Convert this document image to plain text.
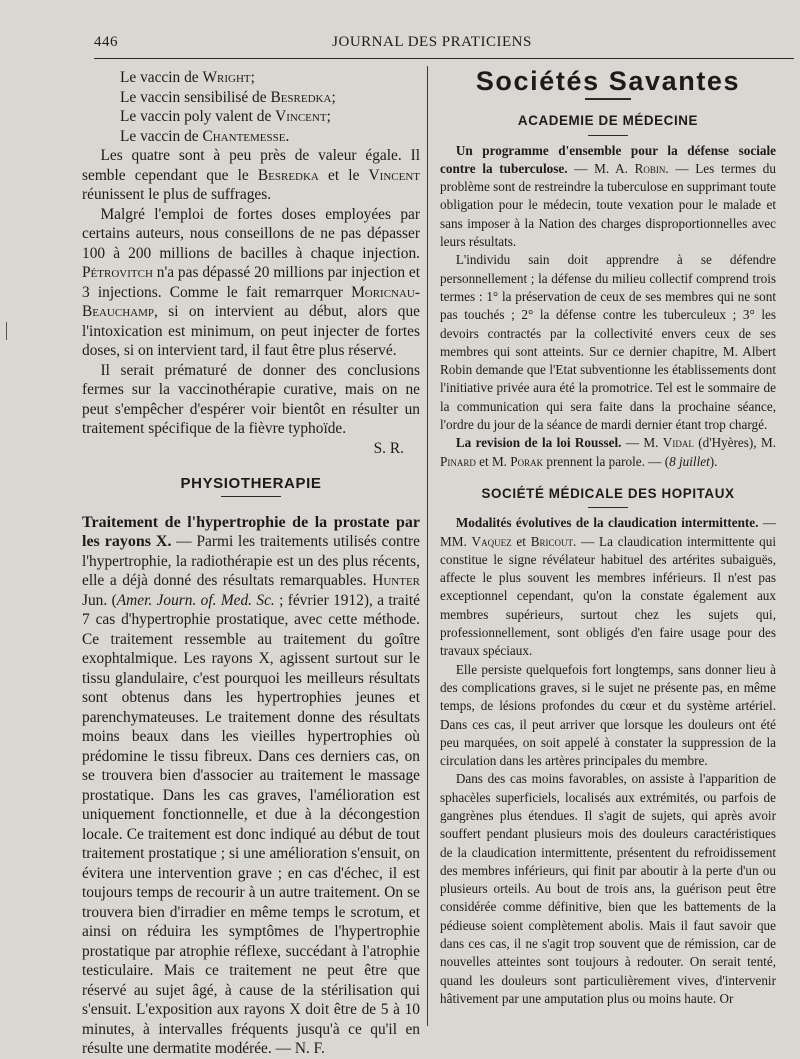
446	JOURNAL DES PRATICIENS

Le vaccin de Wright;

Le vaccin sensibilisé de Besredka;

Le vaccin poly valent de Vincent;

Le vaccin de Chantemesse.

Les quatre sont à peu près de valeur égale. Il semble cependant que le Besredka et le Vincent réunissent le plus de suffrages.

Malgré l'emploi de fortes doses employées par certains auteurs, nous conseillons de ne pas dépasser 100 à 200 millions de bacilles à chaque injection. Pétrovitch n'a pas dépassé 20 millions par injection et 3 injections. Comme le fait remarrquer Moricnau-Beauchamp, si on intervient au début, alors que l'intoxication est minimum, on peut injecter de fortes doses, si on intervient tard, il faut être plus réservé.

Il serait prématuré de donner des conclusions fermes sur la vaccinothérapie curative, mais on ne peut s'empêcher d'espérer voir bientôt en résulter un traitement spécifique de la fièvre typhoïde.

S. R.

PHYSIOTHERAPIE

Traitement de l'hypertrophie de la prostate par les rayons X. — Parmi les traitements utilisés contre l'hypertrophie, la radiothérapie est un des plus récents, elle a déjà donné des résultats remarquables. Hunter Jun. (Amer. Journ. of. Med. Sc. ; février 1912), a traité 7 cas d'hypertrophie prostatique, avec cette méthode. Ce traitement ressemble au traitement du goître exophtalmique. Les rayons X, agissent surtout sur le tissu glandulaire, c'est pourquoi les meilleurs résultats sont obtenus dans les hypertrophies jeunes et parenchymateuses. Le traitement donne des résultats moins beaux dans les vieilles hypertrophies où prédomine le tissu fibreux. Dans ces derniers cas, on se trouvera bien d'associer au traitement le massage prostatique. Dans les cas graves, l'amélioration est uniquement fonctionnelle, et due à la décongestion locale. Ce traitement est donc indiqué au début de tout traitement prostatique ; si une amélioration s'ensuit, on évitera une intervention grave ; en cas d'échec, il est toujours temps de recourir à un autre traitement. On se trouvera bien d'irradier en même temps le scrotum, et ainsi on réduira les symptômes de l'hypertrophie prostatique par atrophie réflexe, succédant à l'atrophie testiculaire. Mais ce traitement ne peut être que réservé au sujet âgé, à cause de la stérilisation qui s'ensuit. L'exposition aux rayons X doit être de 5 à 10 minutes, à intervalles fréquents jusqu'à ce qu'il en résulte une dermatite modérée. — N. F.

Sociétés Savantes
ACADEMIE DE MÉDECINE

Un programme d'ensemble pour la défense sociale contre la tuberculose. — M. A. Robin. — Les termes du problème sont de restreindre la tuberculose en supprimant toute obligation pour le médecin, toute vexation pour le malade et sans imposer à la Nation des charges disproportionnelles avec leurs résultats.

L'individu sain doit apprendre à se défendre personnellement ; la défense du milieu collectif comprend trois termes : 1° la préservation de ceux de ses membres qui ne sont pas touchés ; 2° la défense contre les tuberculeux ; 3° les devoirs contractés par la collectivité envers ceux de ses membres qui sont atteints. Sur ce dernier chapitre, M. Albert Robin demande que l'Etat subventionne les établissements dont l'initiative privée aura été la promotrice. Tel est le sommaire de la communication qui sera faite dans la prochaine séance, l'ordre du jour de la séance de mardi dernier étant trop chargé.

La revision de la loi Roussel. — M. Vidal (d'Hyères), M. Pinard et M. Porak prennent la parole. — (8 juillet).

SOCIÉTÉ MÉDICALE DES HOPITAUX

Modalités évolutives de la claudication intermittente. — MM. Vaquez et Bricout. — La claudication intermittente qui constitue le signe révélateur habituel des artérites subaiguës, affecte le plus souvent les membres inférieurs. Il n'est pas exceptionnel cependant, qu'on la constate également aux membres supérieurs, surtout chez les sujets qui, professionnellement, sont obligés d'en faire usage pour des travaux spéciaux.

Elle persiste quelquefois fort longtemps, sans donner lieu à des complications graves, si le sujet ne présente pas, en même temps, de lésions profondes du cœur et du système artériel. Dans ces cas, il peut arriver que lorsque les douleurs ont été peu marquées, on soit appelé à constater la suppression de la circulation dans les artères principales du membre.

Dans des cas moins favorables, on assiste à l'apparition de sphacèles superficiels, localisés aux extrémités, ou parfois de gangrènes plus étendues. Il s'agit de sujets, qui après avoir souffert pendant plusieurs mois des douleurs caractéristiques de la claudication intermittente, présentent du refroidissement des membres inférieurs, qui finit par aboutir à la perte d'un ou plusieurs orteils. Au bout de trois ans, la guérison peut être considérée comme définitive, bien que les battements de la pédieuse soient complètement abolis. Mais il faut savoir que dans ces cas, il ne s'agit trop souvent que de rémission, car de nouvelles atteintes sont toujours à redouter. On serait tenté, quand les douleurs sont particulièrement vives, d'intervenir hâtivement par une amputation plus ou moins haute. Or
